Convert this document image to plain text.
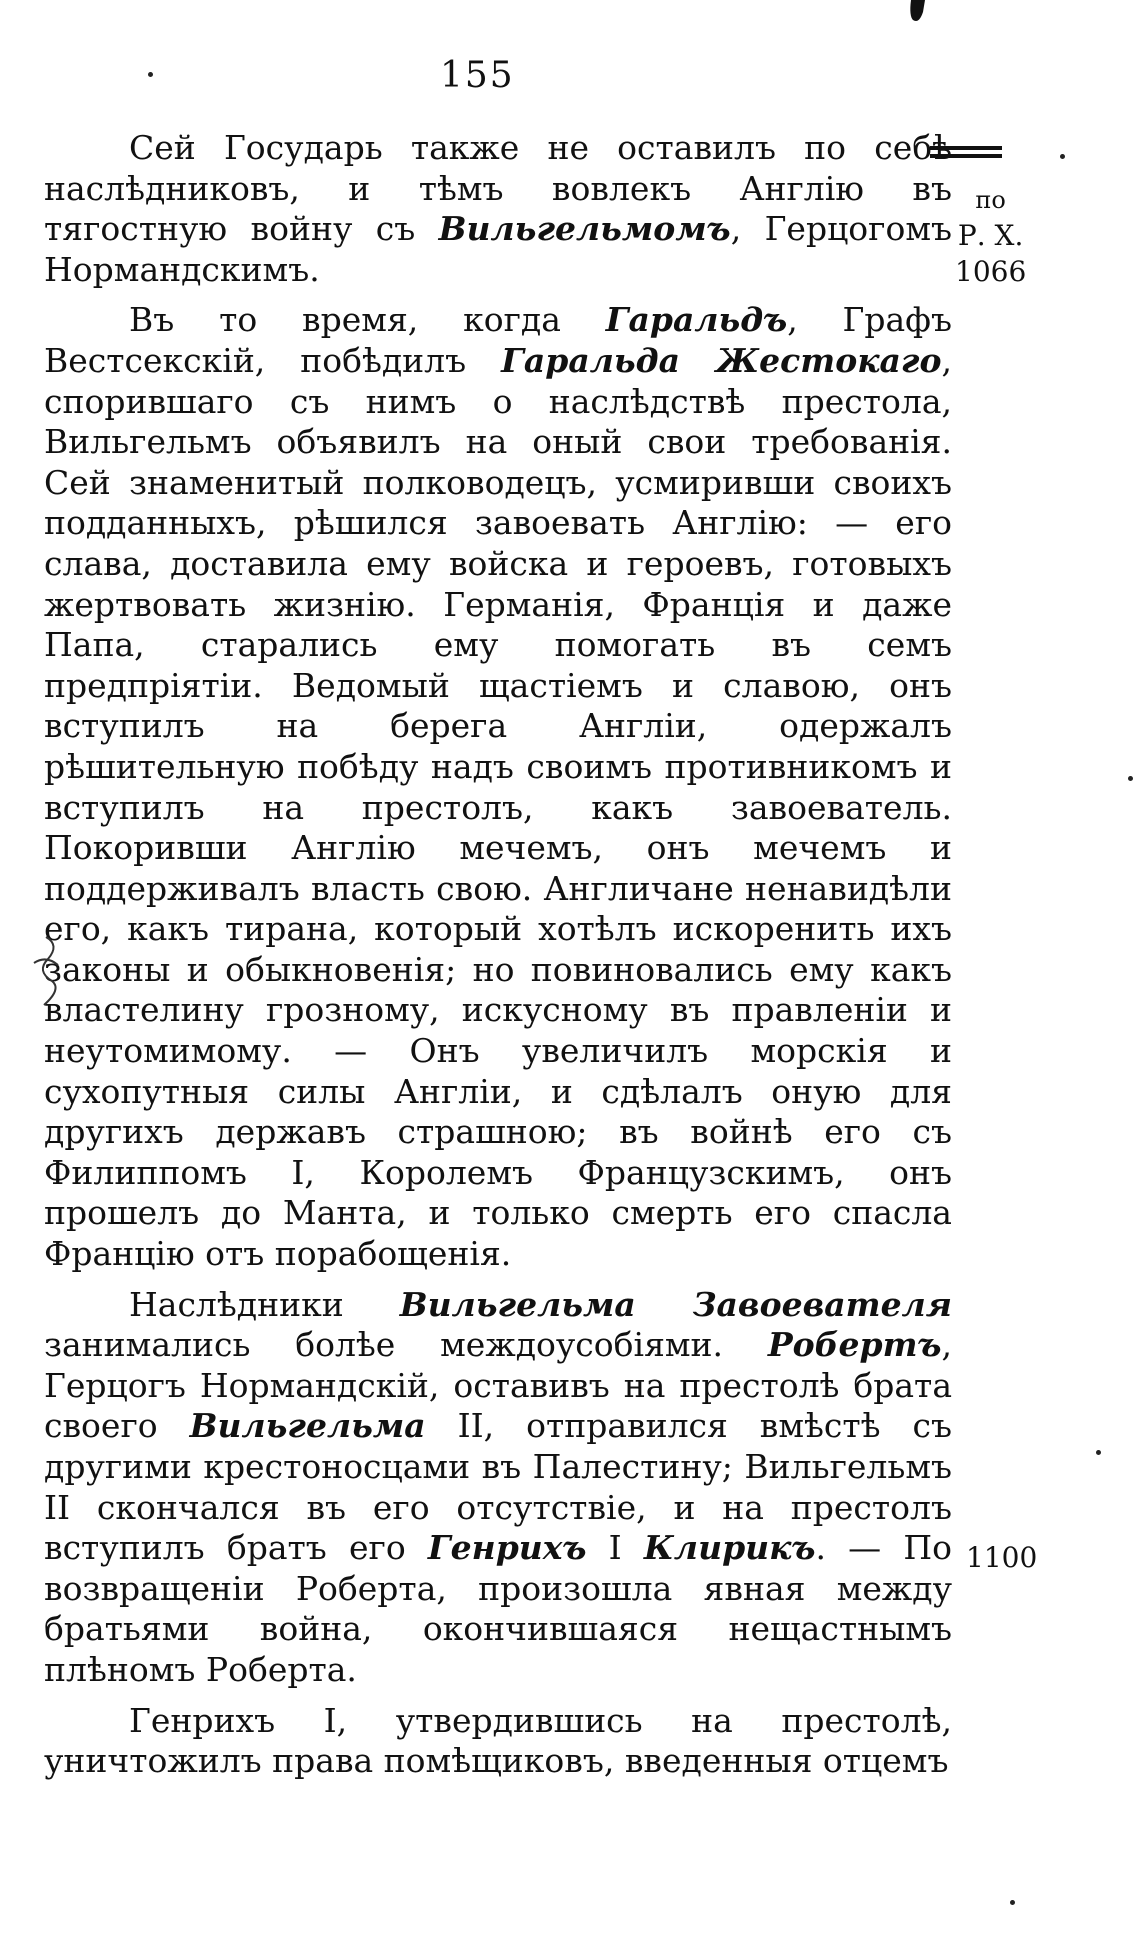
155

Сей Государь также не оставилъ по себѣ наслѣдниковъ, и тѣмъ вовлекъ Англію въ тягостную войну съ Вильгельмомъ, Герцогомъ Нормандскимъ.

Въ то время, когда Гаральдъ, Графъ Вестсекскій, побѣдилъ Гаральда Жестокаго, спорившаго съ нимъ о наслѣдствѣ престола, Вильгельмъ объявилъ на оный свои требованія. Сей знаменитый полководецъ, усмиривши своихъ подданныхъ, рѣшился завоевать Англію: — его слава, доставила ему войска и героевъ, готовыхъ жертвовать жизнію. Германія, Франція и даже Папа, старались ему помогать въ семъ предпріятіи. Ведомый щастіемъ и славою, онъ вступилъ на берега Англіи, одержалъ рѣшительную побѣду надъ своимъ противникомъ и вступилъ на престолъ, какъ завоеватель. Покоривши Англію мечемъ, онъ мечемъ и поддерживалъ власть свою. Англичане ненавидѣли его, какъ тирана, который хотѣлъ искоренить ихъ законы и обыкновенія; но повиновались ему какъ властелину грозному, искусному въ правленіи и неутомимому. — Онъ увеличилъ морскія и сухопутныя силы Англіи, и сдѣлалъ оную для другихъ державъ страшною; въ войнѣ его съ Филиппомъ I, Королемъ Французскимъ, онъ прошелъ до Манта, и только смерть его спасла Францію отъ порабощенія.

Наслѣдники Вильгельма Завоевателя занимались болѣе междоусобіями. Робертъ, Герцогъ Нормандскій, оставивъ на престолѣ брата своего Вильгельма II, отправился вмѣстѣ съ другими крестоносцами въ Палестину; Вильгельмъ II скончался въ его отсутствіе, и на престолъ вступилъ братъ его Генрихъ I Клирикъ. — По возвращеніи Роберта, произошла явная между братьями война, окончившаяся нещастнымъ плѣномъ Роберта.

Генрихъ I, утвердившись на престолѣ, уничтожилъ права помѣщиковъ, введенныя отцемъ

по
Р. Х.
1066
1100
